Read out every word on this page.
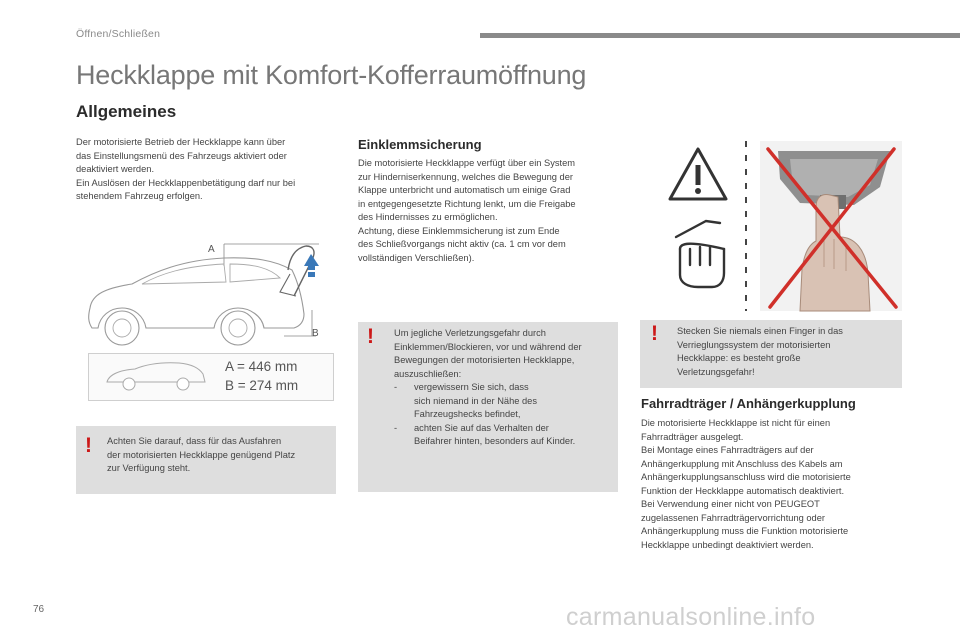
Öffnen/Schließen
Heckklappe mit Komfort-Kofferraumöffnung
Allgemeines
Der motorisierte Betrieb der Heckklappe kann über
das Einstellungsmenü des Fahrzeugs aktiviert oder
deaktiviert werden.
Ein Auslösen der Heckklappenbetätigung darf nur bei
stehendem Fahrzeug erfolgen.
A
B
A = 446 mm
B = 274 mm
! Achten Sie darauf, dass für das Ausfahren
der motorisierten Heckklappe genügend Platz
zur Verfügung steht.
Einklemmsicherung
Die motorisierte Heckklappe verfügt über ein System
zur Hinderniserkennung, welches die Bewegung der
Klappe unterbricht und automatisch um einige Grad
in entgegengesetzte Richtung lenkt, um die Freigabe
des Hindernisses zu ermöglichen.
Achtung, diese Einklemmsicherung ist zum Ende
des Schließvorgangs nicht aktiv (ca. 1 cm vor dem
vollständigen Verschließen).
! Um jegliche Verletzungsgefahr durch
Einklemmen/Blockieren, vor und während der
Bewegungen der motorisierten Heckklappe,
auszuschließen:
-	vergewissern Sie sich, dass
sich niemand in der Nähe des
Fahrzeugshecks befindet,
-	achten Sie auf das Verhalten der
Beifahrer hinten, besonders auf Kinder.
! Stecken Sie niemals einen Finger in das
Verrieglungssystem der motorisierten
Heckklappe: es besteht große
Verletzungsgefahr!
Fahrradträger / Anhängerkupplung
Die motorisierte Heckklappe ist nicht für einen
Fahrradträger ausgelegt.
Bei Montage eines Fahrradträgers auf der
Anhängerkupplung mit Anschluss des Kabels am
Anhängerkupplungsanschluss wird die motorisierte
Funktion der Heckklappe automatisch deaktiviert.
Bei Verwendung einer nicht von PEUGEOT
zugelassenen Fahrradträgervorrichtung oder
Anhängerkupplung muss die Funktion motorisierte
Heckklappe unbedingt deaktiviert werden.
76	carmanualsonline.info
